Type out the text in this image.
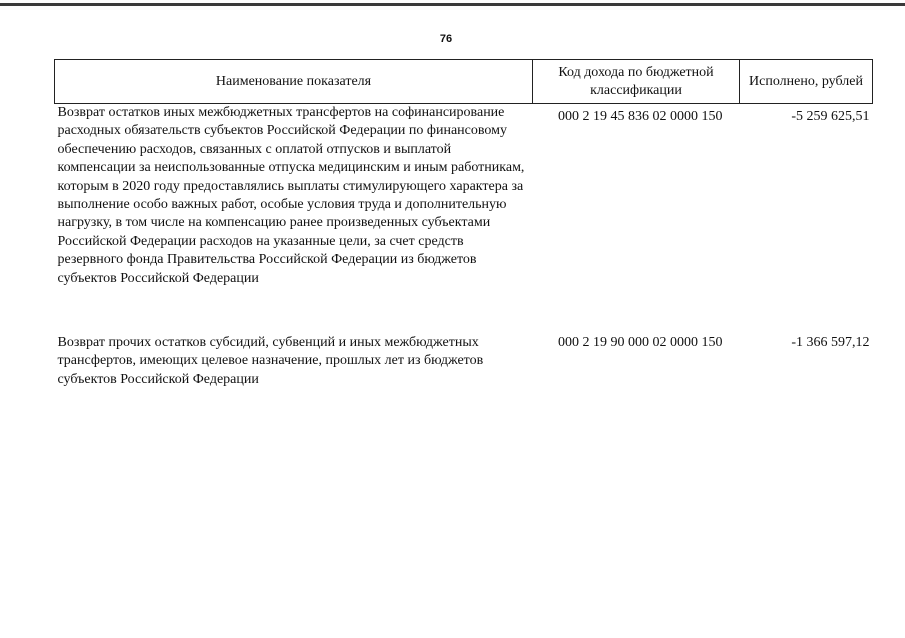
76
Наименование показателя	Код дохода по бюджетной классификации	Исполнено, рублей
Возврат остатков иных межбюджетных трансфертов на софинансирование расходных обязательств субъектов Российской Федерации по финансовому обеспечению расходов, связанных с оплатой отпусков и выплатой компенсации за неиспользованные отпуска медицинским и иным работникам, которым в 2020 году предоставлялись выплаты стимулирующего характера за выполнение особо важных работ, особые условия труда и дополнительную нагрузку, в том числе на компенсацию ранее произведенных субъектами Российской Федерации расходов на указанные цели, за счет средств резервного фонда Правительства Российской Федерации из бюджетов субъектов Российской Федерации	000 2 19 45 836 02 0000 150	-5 259 625,51
Возврат прочих остатков субсидий, субвенций и иных межбюджетных трансфертов, имеющих целевое назначение, прошлых лет из бюджетов субъектов Российской Федерации	000 2 19 90 000 02 0000 150	-1 366 597,12
